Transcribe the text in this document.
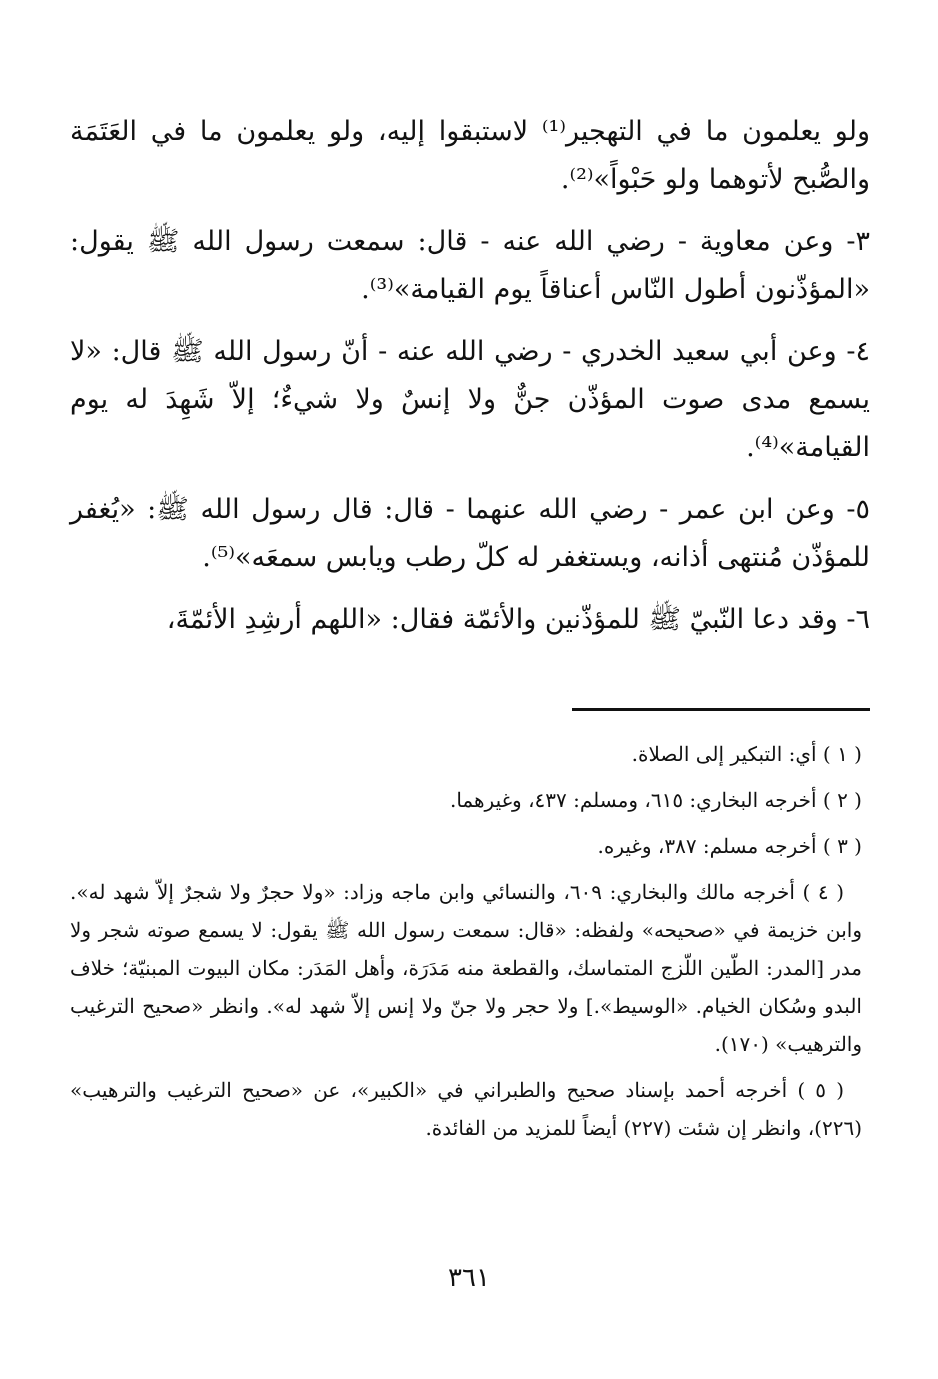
ولو يعلمون ما في التهجير⁽¹⁾ لاستبقوا إليه، ولو يعلمون ما في العَتَمَة والصُّبح لأتوهما ولو حَبْواً»⁽²⁾.

٣- وعن معاوية - رضي الله عنه - قال: سمعت رسول الله ﷺ يقول: «المؤذّنون أطول النّاس أعناقاً يوم القيامة»⁽³⁾.

٤- وعن أبي سعيد الخدري - رضي الله عنه - أنّ رسول الله ﷺ قال: «لا يسمع مدى صوت المؤذّن جنٌّ ولا إنسٌ ولا شيءٌ؛ إلاّ شَهِدَ له يوم القيامة»⁽⁴⁾.

٥- وعن ابن عمر - رضي الله عنهما - قال: قال رسول الله ﷺ: «يُغفر للمؤذّن مُنتهى أذانه، ويستغفر له كلّ رطب ويابس سمعَه»⁽⁵⁾.

٦- وقد دعا النّبيّ ﷺ للمؤذّنين والأئمّة فقال: «اللهم أرشِدِ الأئمّةَ،

( ١ ) أي: التبكير إلى الصلاة.

( ٢ ) أخرجه البخاري: ٦١٥، ومسلم: ٤٣٧، وغيرهما.

( ٣ ) أخرجه مسلم: ٣٨٧، وغيره.

( ٤ ) أخرجه مالك والبخاري: ٦٠٩، والنسائي وابن ماجه وزاد: «ولا حجرٌ ولا شجرٌ إلاّ شهد له». وابن خزيمة في «صحيحه» ولفظه: «قال: سمعت رسول الله ﷺ يقول: لا يسمع صوته شجر ولا مدر [المدر: الطّين اللّزج المتماسك، والقطعة منه مَدَرَة، وأهل المَدَر: مكان البيوت المبنيّة؛ خلاف البدو وسُكان الخيام. «الوسيط».] ولا حجر ولا جنّ ولا إنس إلاّ شهد له». وانظر «صحيح الترغيب والترهيب» (١٧٠).

( ٥ ) أخرجه أحمد بإسناد صحيح والطبراني في «الكبير»، عن «صحيح الترغيب والترهيب» (٢٢٦)، وانظر إن شئت (٢٢٧) أيضاً للمزيد من الفائدة.

٣٦١
